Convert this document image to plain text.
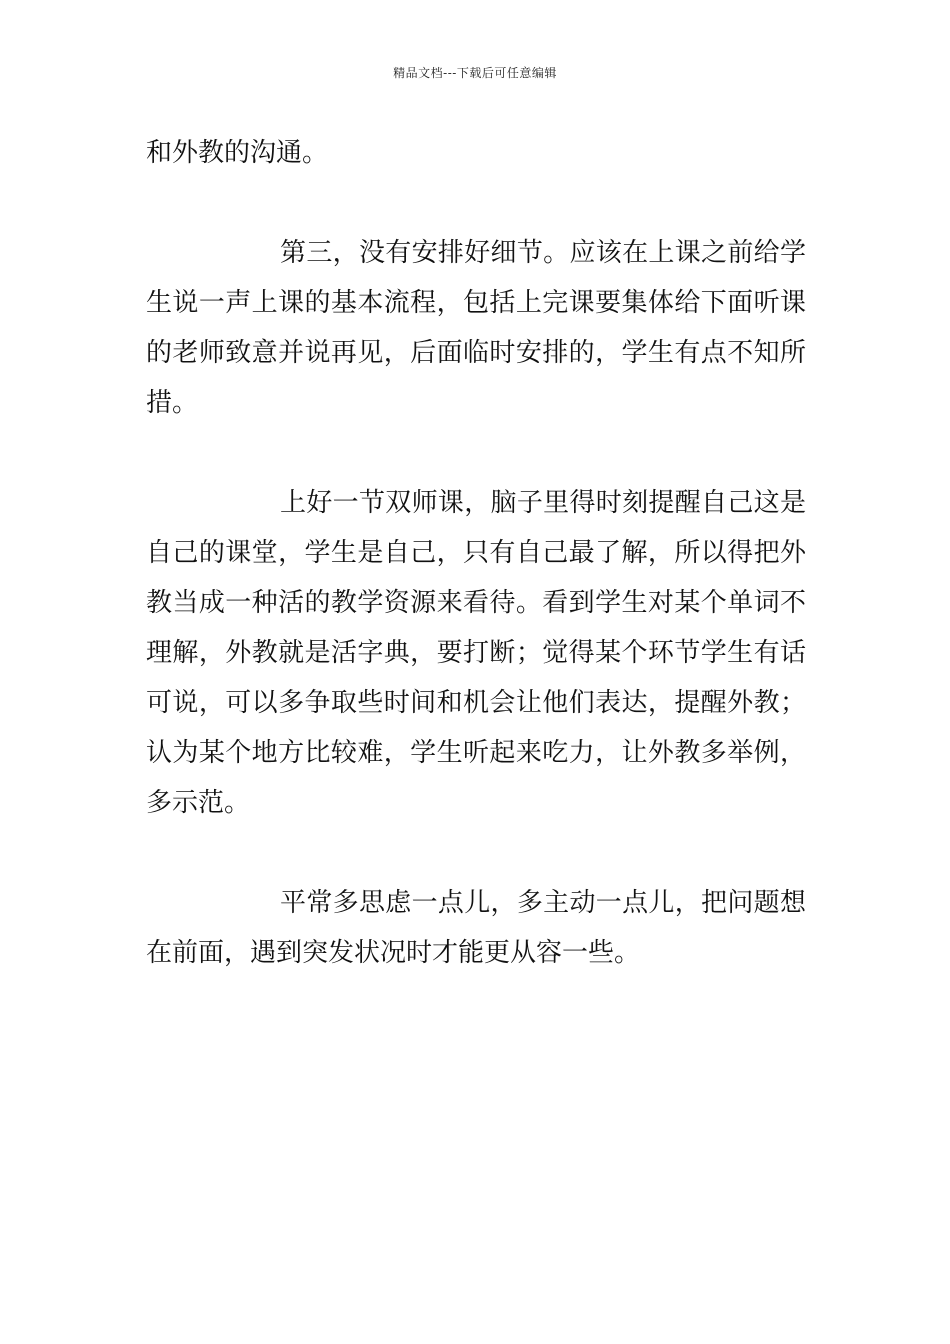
精品文档---下载后可任意编辑

和外教的沟通。

第三，没有安排好细节。应该在上课之前给学生说一声上课的基本流程，包括上完课要集体给下面听课的老师致意并说再见，后面临时安排的，学生有点不知所措。

上好一节双师课，脑子里得时刻提醒自己这是自己的课堂，学生是自己，只有自己最了解，所以得把外教当成一种活的教学资源来看待。看到学生对某个单词不理解，外教就是活字典，要打断；觉得某个环节学生有话可说，可以多争取些时间和机会让他们表达，提醒外教；认为某个地方比较难，学生听起来吃力，让外教多举例，多示范。

平常多思虑一点儿，多主动一点儿，把问题想在前面，遇到突发状况时才能更从容一些。
